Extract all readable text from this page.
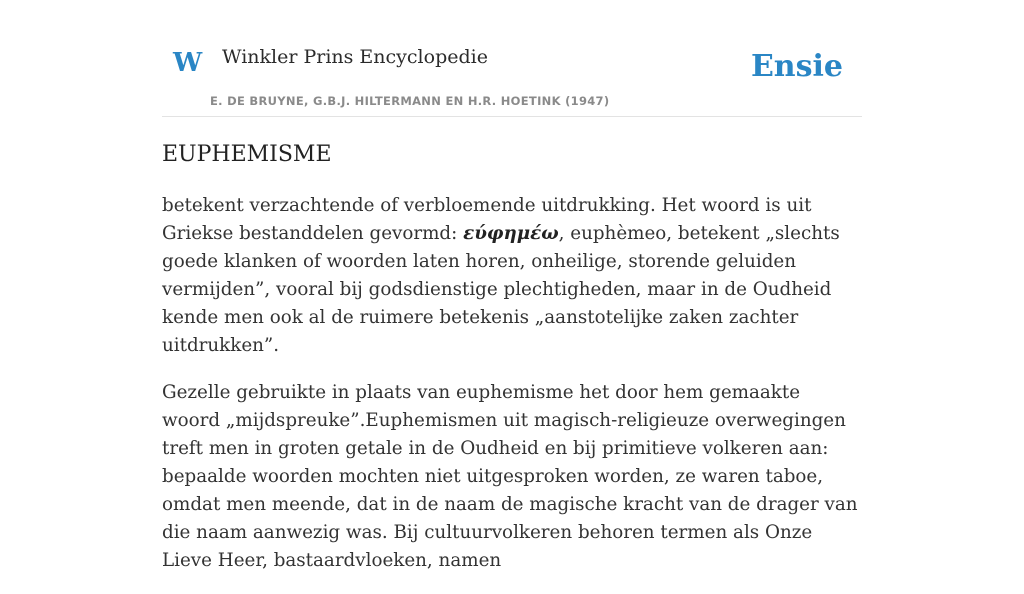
W Winkler Prins Encyclopedie
E. DE BRUYNE, G.B.J. HILTERMANN EN H.R. HOETINK (1947)
Ensie
EUPHEMISME

betekent verzachtende of verbloemende uitdrukking. Het woord is uit Griekse bestanddelen gevormd: εύφημέω, euphèmeo, betekent „slechts goede klanken of woorden laten horen, onheilige, storende geluiden vermijden”, vooral bij godsdienstige plechtigheden, maar in de Oudheid kende men ook al de ruimere betekenis „aanstotelijke zaken zachter uitdrukken”.

Gezelle gebruikte in plaats van euphemisme het door hem gemaakte woord „mijdspreuke”.Euphemismen uit magisch-religieuze overwegingen treft men in groten getale in de Oudheid en bij primitieve volkeren aan: bepaalde woorden mochten niet uitgesproken worden, ze waren taboe, omdat men meende, dat in de naam de magische kracht van de drager van die naam aanwezig was. Bij cultuurvolkeren behoren termen als Onze Lieve Heer, bastaardvloeken, namen
